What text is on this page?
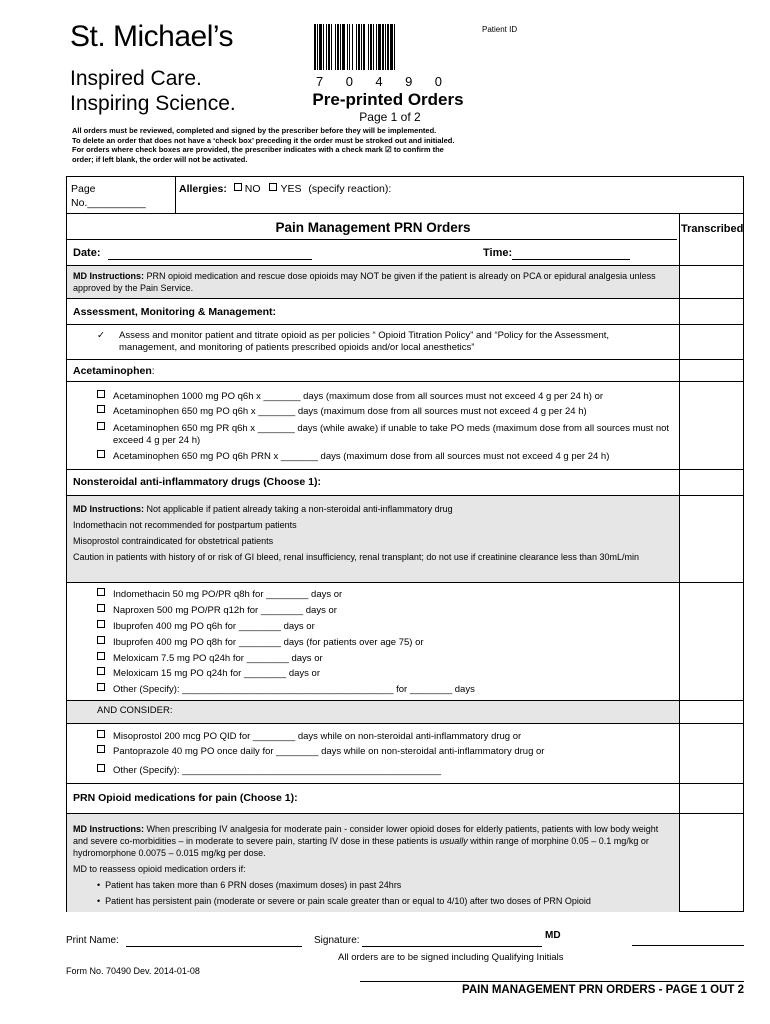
St. Michael’s
Inspired Care.
Inspiring Science.
7 0 4 9 0
Pre-printed Orders
Page 1 of 2
Patient ID
All orders must be reviewed, completed and signed by the prescriber before they will be implemented.
To delete an order that does not have a ‘check box’ preceding it the order must be stroked out and initialed. For orders where check boxes are provided, the prescriber indicates with a check mark ☑ to confirm the order; if left blank, the order will not be activated.
Page
No.__________
Allergies: NO YES (specify reaction):
Transcribed
Pain Management PRN Orders
Date:	Time:
MD Instructions: PRN opioid medication and rescue dose opioids may NOT be given if the patient is already on PCA or epidural analgesia unless approved by the Pain Service.
Assessment, Monitoring & Management:
✓ Assess and monitor patient and titrate opioid as per policies “ Opioid Titration Policy” and “Policy for the Assessment, management, and monitoring of patients prescribed opioids and/or local anesthetics”
Acetaminophen:
Acetaminophen 1000 mg PO q6h x _______ days (maximum dose from all sources must not exceed 4 g per 24 h) or
Acetaminophen 650 mg PO q6h x _______ days (maximum dose from all sources must not exceed 4 g per 24 h)
Acetaminophen 650 mg PR q6h x _______ days (while awake) if unable to take PO meds (maximum dose from all sources must not exceed 4 g per 24 h)
Acetaminophen 650 mg PO q6h PRN x _______ days (maximum dose from all sources must not exceed 4 g per 24 h)
Nonsteroidal anti-inflammatory drugs (Choose 1):
MD Instructions: Not applicable if patient already taking a non-steroidal anti-inflammatory drug
Indomethacin not recommended for postpartum patients
Misoprostol contraindicated for obstetrical patients
Caution in patients with history of or risk of GI bleed, renal insufficiency, renal transplant; do not use if creatinine clearance less than 30mL/min
Indomethacin 50 mg PO/PR q8h for ________ days or
Naproxen 500 mg PO/PR q12h for ________ days or
Ibuprofen 400 mg PO q6h for ________ days or
Ibuprofen 400 mg PO q8h for ________ days (for patients over age 75) or
Meloxicam 7.5 mg PO q24h for ________ days or
Meloxicam 15 mg PO q24h for ________ days or
Other (Specify): ________________________________________ for ________ days
AND CONSIDER:
Misoprostol 200 mcg PO QID for ________ days while on non-steroidal anti-inflammatory drug or
Pantoprazole 40 mg PO once daily for ________ days while on non-steroidal anti-inflammatory drug or
Other (Specify): _________________________________________________
PRN Opioid medications for pain (Choose 1):
MD Instructions: When prescribing IV analgesia for moderate pain - consider lower opioid doses for elderly patients, patients with low body weight and severe co-morbidities – in moderate to severe pain, starting IV dose in these patients is usually within range of morphine 0.05 – 0.1 mg/kg or hydromorphone 0.0075 – 0.015 mg/kg per dose.
MD to reassess opioid medication orders if:
• Patient has taken more than 6 PRN doses (maximum doses) in past 24hrs
• Patient has persistent pain (moderate or severe or pain scale greater than or equal to 4/10) after two doses of PRN Opioid
Print Name:	Signature:	MD
All orders are to be signed including Qualifying Initials
Form No. 70490 Dev. 2014-01-08
PAIN MANAGEMENT PRN ORDERS - PAGE 1 OUT 2
